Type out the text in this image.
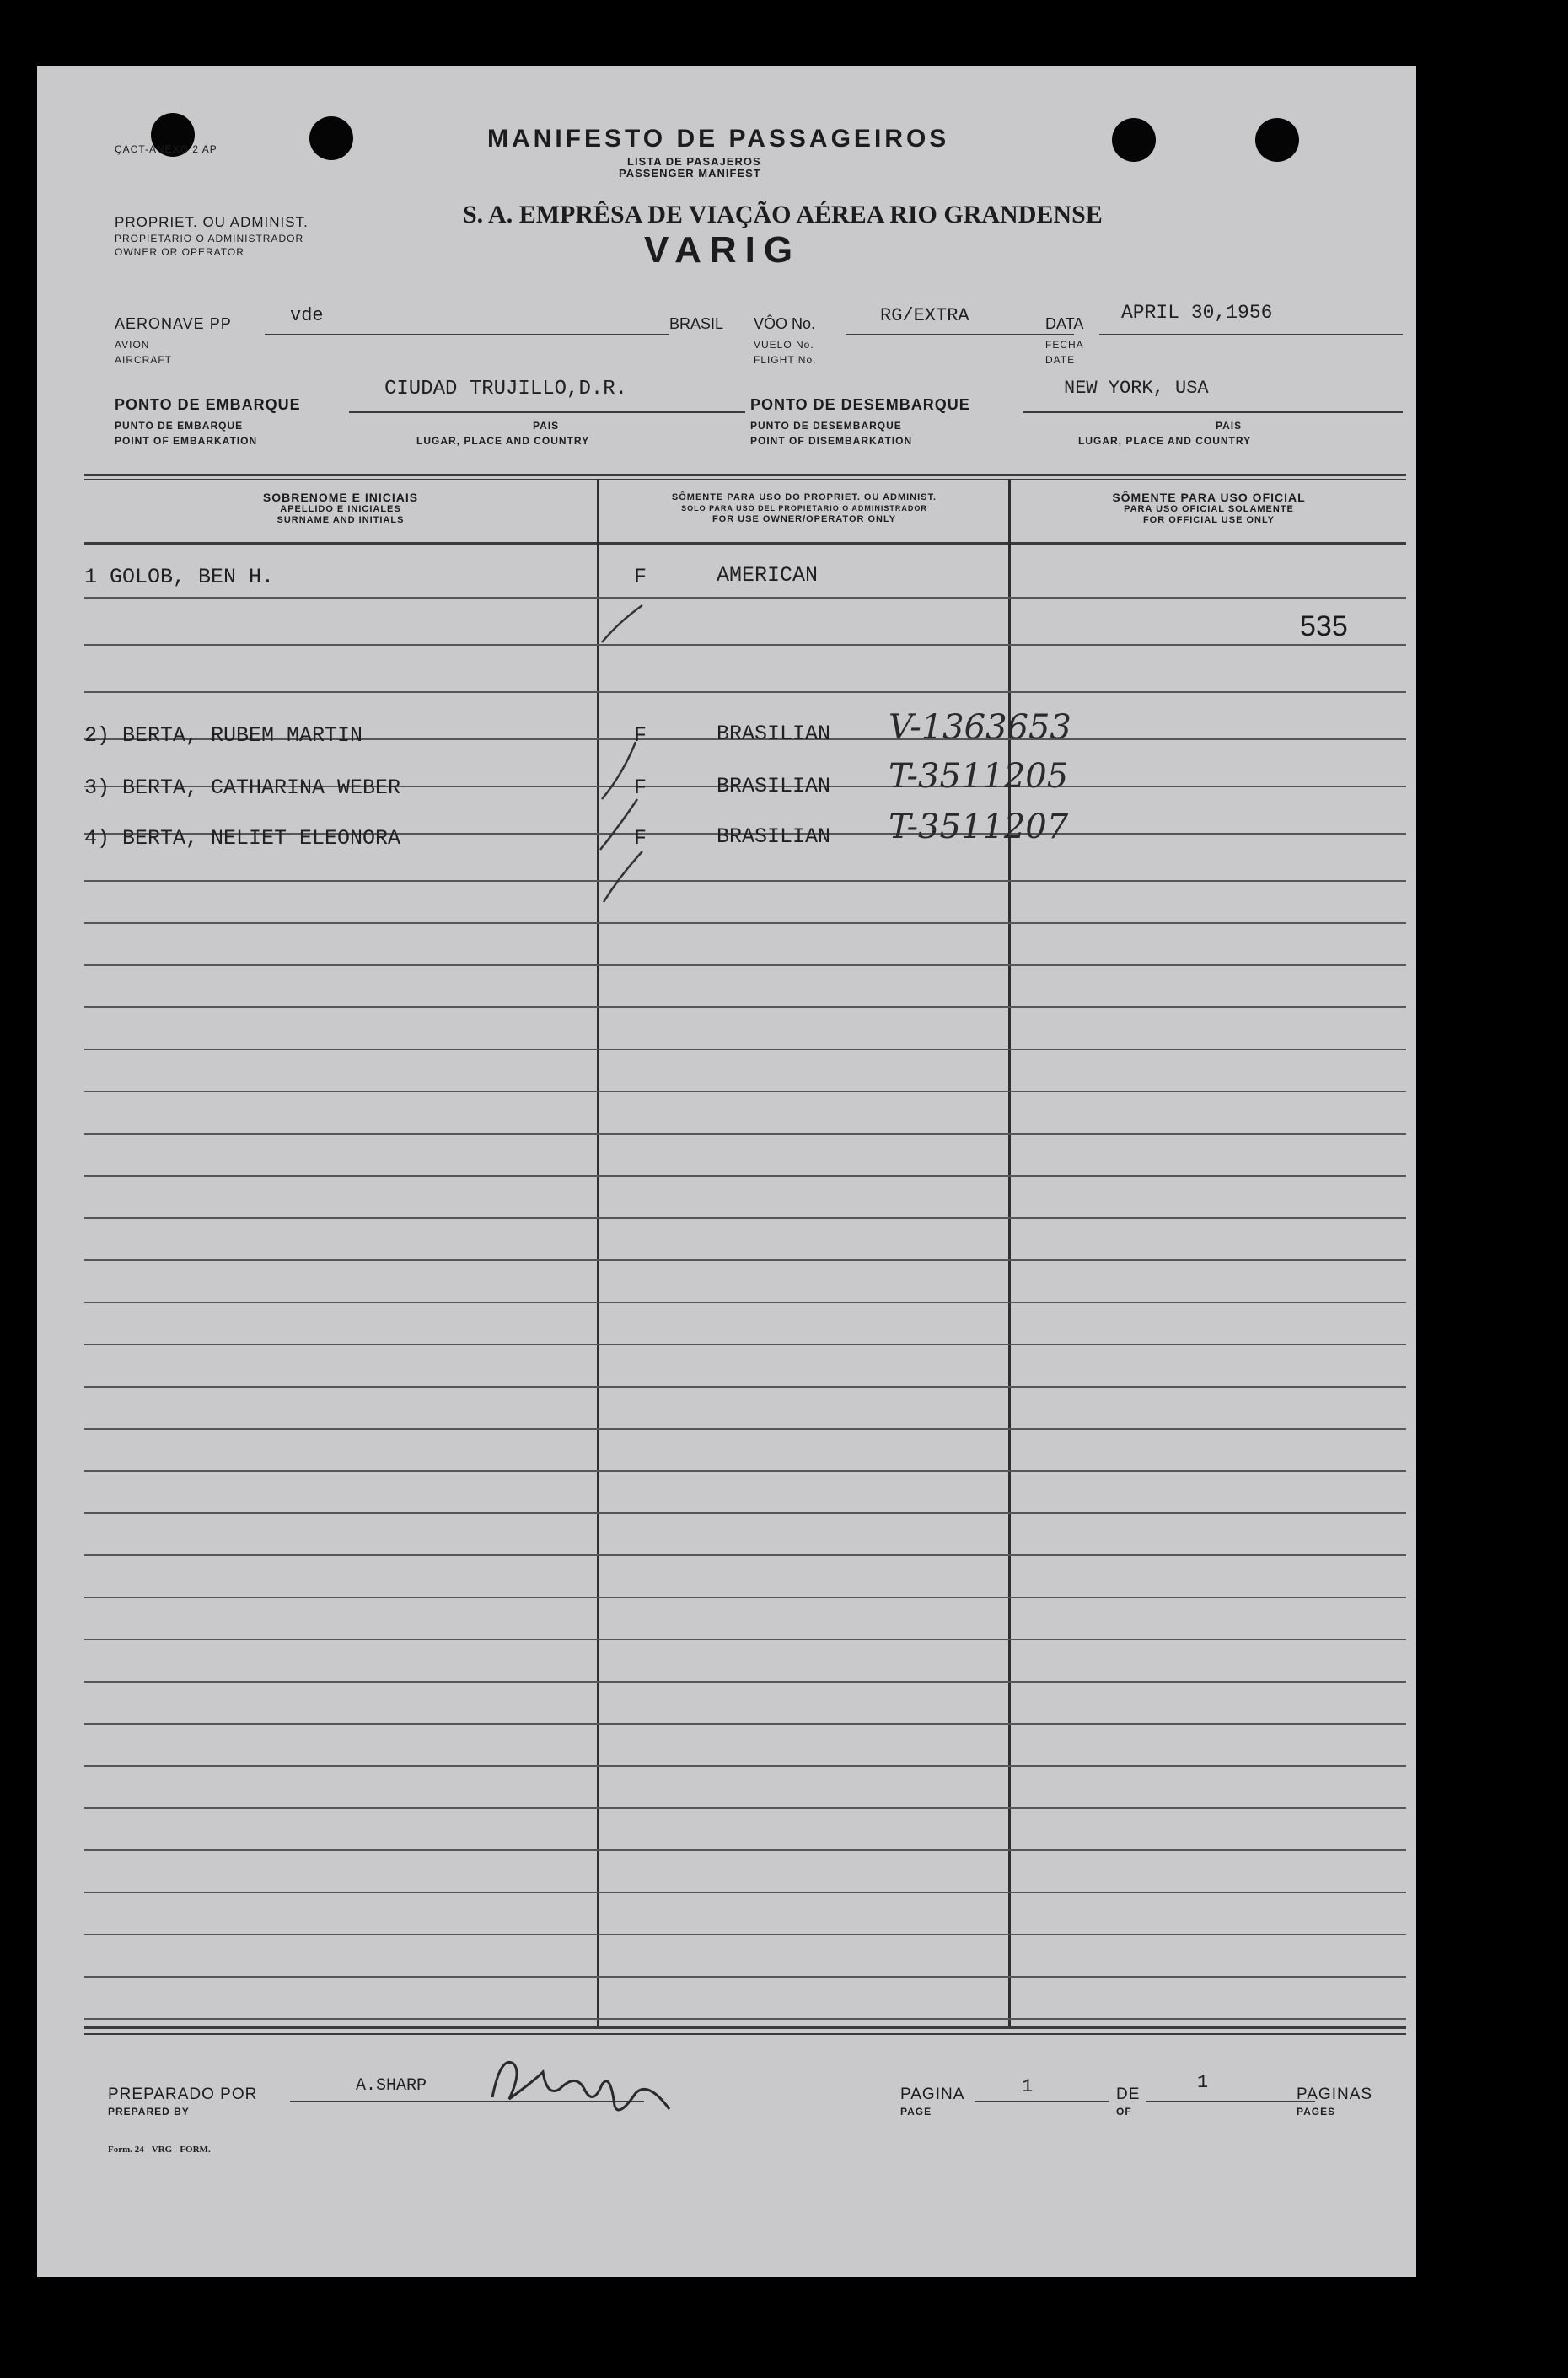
ÇACT-ANEXO 2 AP	MANIFESTO DE PASSAGEIROS
LISTA DE PASAJEROS
PASSENGER MANIFEST
PROPRIET. OU ADMINIST.
PROPIETARIO O ADMINISTRADOR
OWNER OR OPERATOR
S. A. EMPRÊSA DE VIAÇÃO AÉREA RIO GRANDENSE
VARIG
AERONAVE PP	vde
AVION
AIRCRAFT
BRASIL VÔO No.	RG/EXTRA
VUELO No.
FLIGHT No.
DATA APRIL 30,1956
FECHA
DATE
CIUDAD TRUJILLO,D.R.
PONTO DE EMBARQUE
PUNTO DE EMBARQUE
POINT OF EMBARKATION
PAIS
LUGAR, PLACE AND COUNTRY
PONTO DE DESEMBARQUE
NEW YORK, USA
PUNTO DE DESEMBARQUE
POINT OF DISEMBARKATION
PAIS
LUGAR, PLACE AND COUNTRY
SOBRENOME E INICIAIS
APELLIDO E INICIALES
SURNAME AND INITIALS
SÔMENTE PARA USO DO PROPRIET. OU ADMINIST.
SOLO PARA USO DEL PROPIETARIO O ADMINISTRADOR
FOR USE OWNER/OPERATOR ONLY
SÔMENTE PARA USO OFICIAL
PARA USO OFICIAL SOLAMENTE
FOR OFFICIAL USE ONLY
1 GOLOB, BEN H.	F	AMERICAN
535
2) BERTA, RUBEM MARTIN	F	BRASILIAN V-1363653
3) BERTA, CATHARINA WEBER	F	BRASILIAN T-3511205
4) BERTA, NELIET ELEONORA	F	BRASILIAN T-3511207
PREPARADO POR
PREPARED BY
A.SHARP	PAGINA
PAGE
1	DE
OF
1
PAGINAS
PAGES
Form. 24 - VRG - FORM.
